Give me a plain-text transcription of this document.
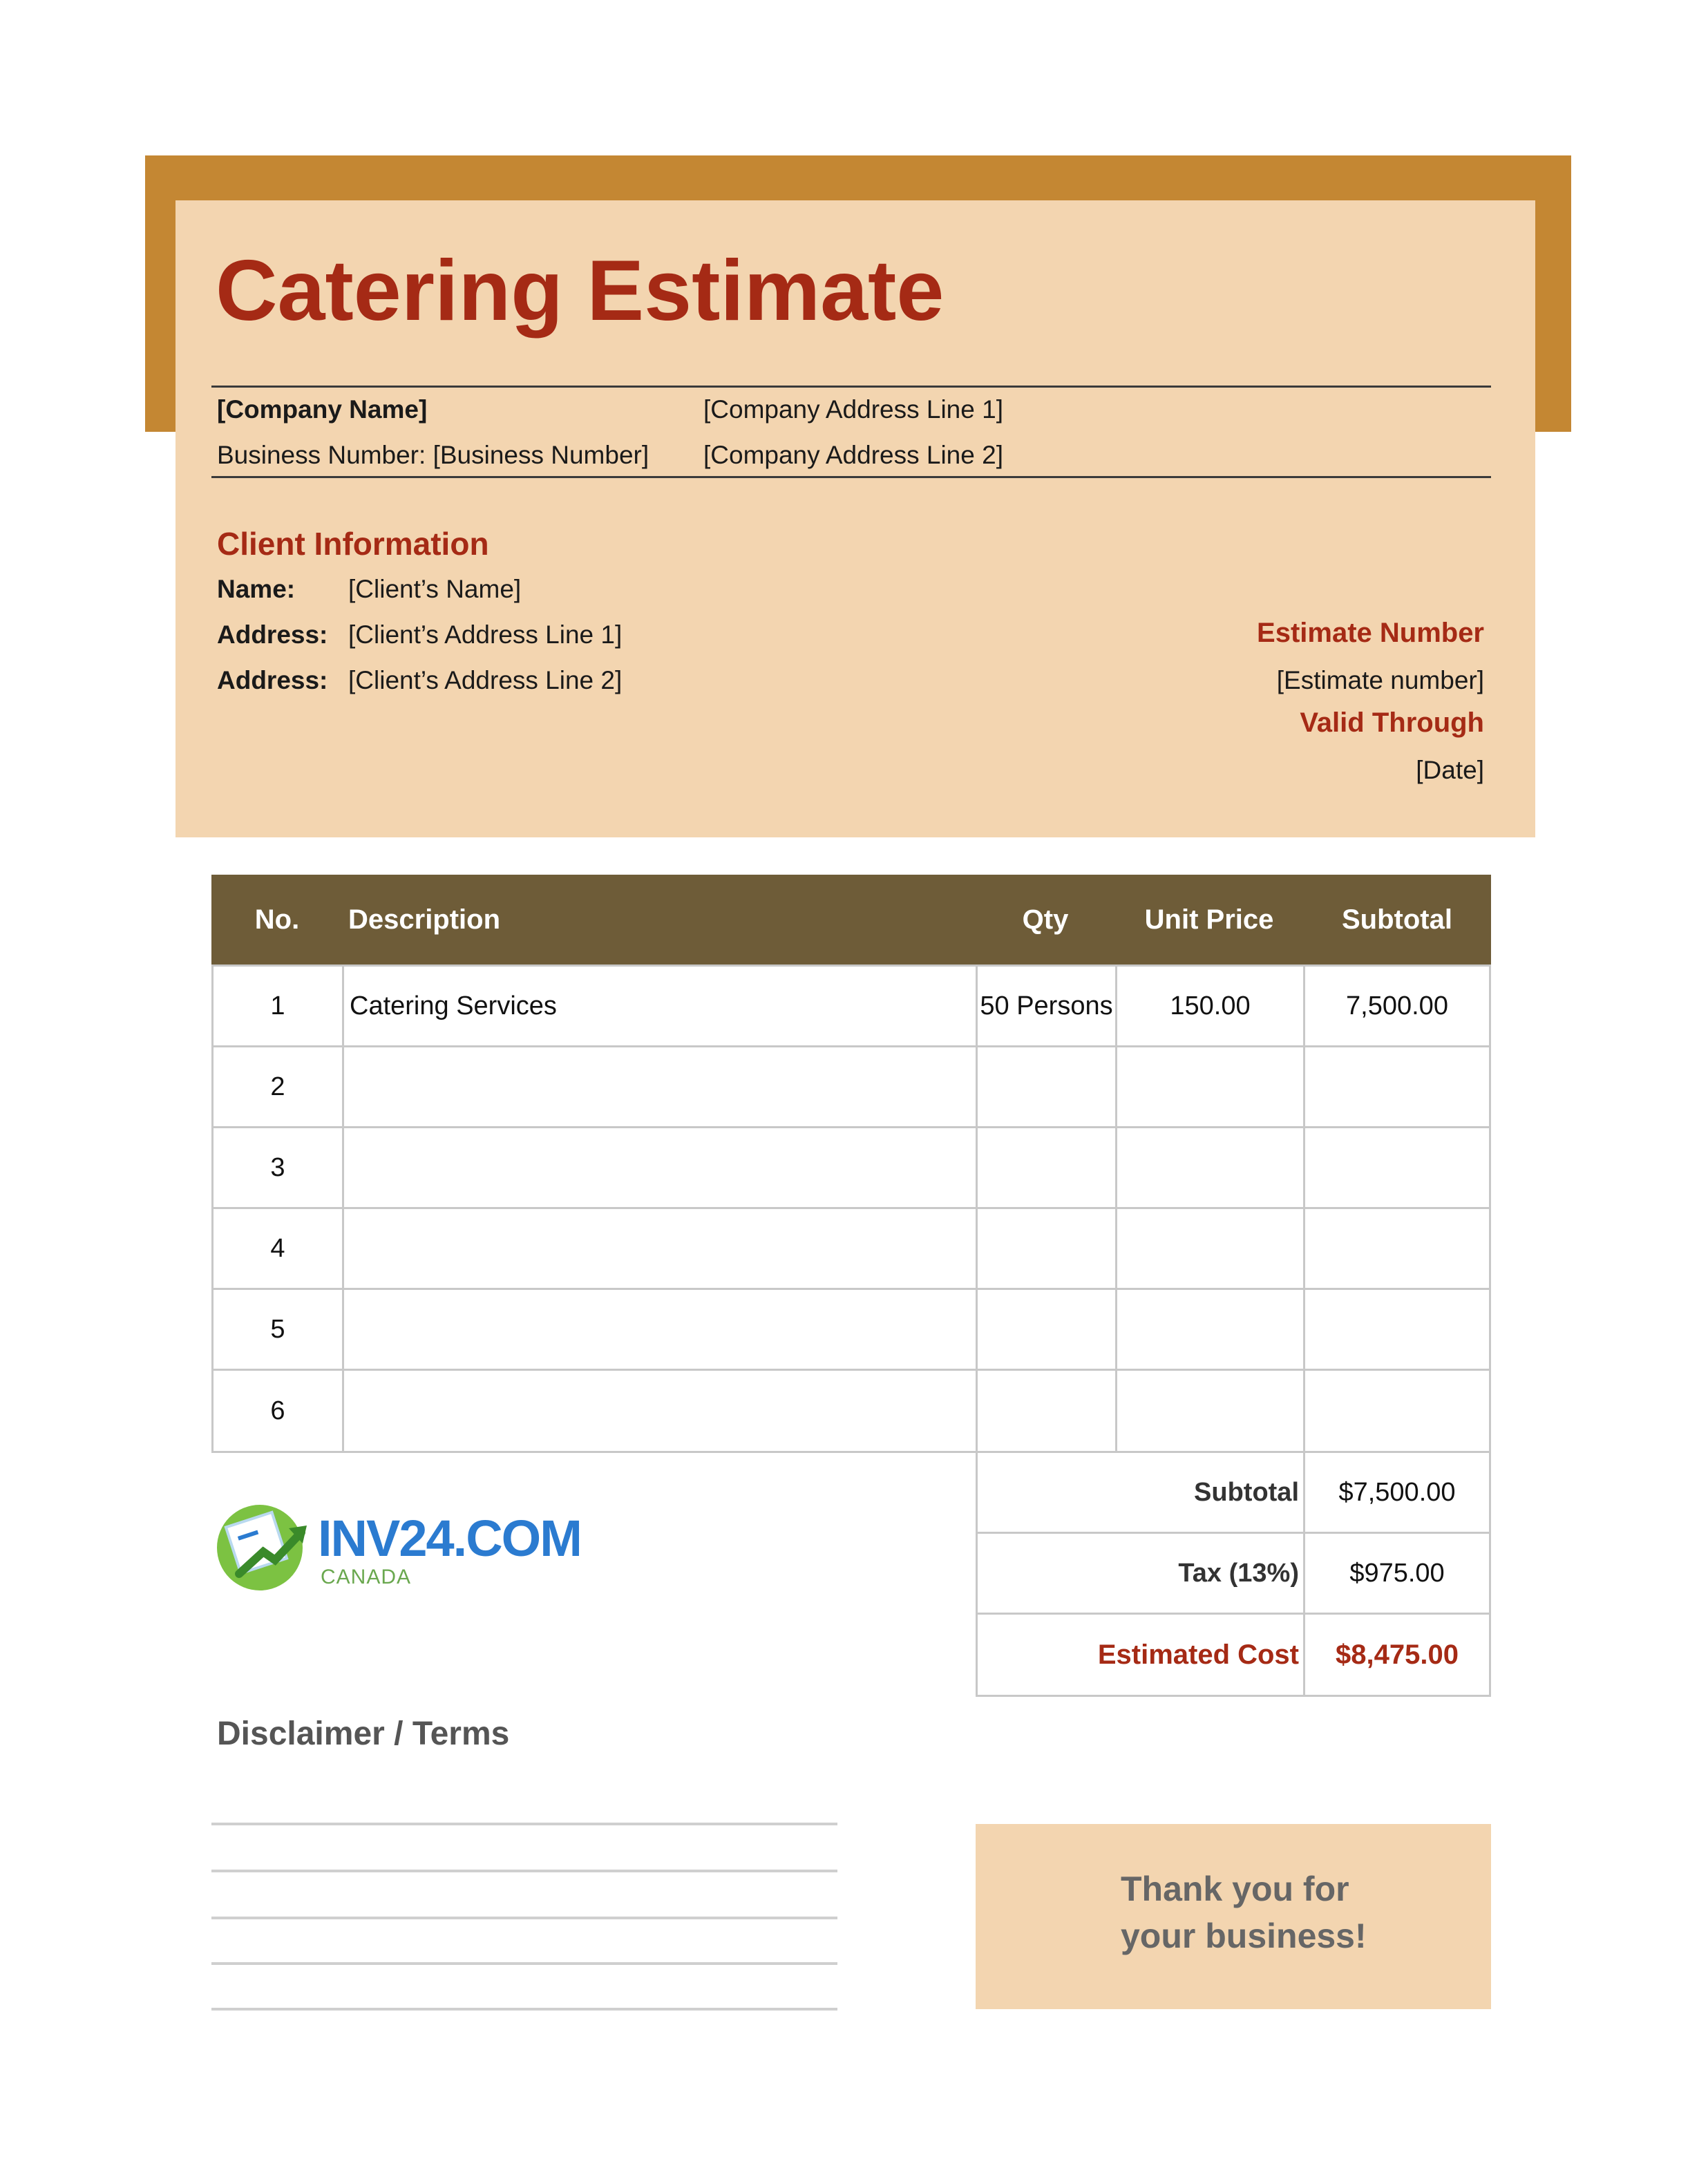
Catering Estimate
[Company Name]	[Company Address Line 1]
Business Number: [Business Number] [Company Address Line 2]
Client Information
Name: [Client’s Name]
Address: [Client’s Address Line 1]
Address: [Client’s Address Line 2]
Estimate Number
[Estimate number]
Valid Through
[Date]
No.	Description	Qty	Unit Price	Subtotal
1	Catering Services	50 Persons	150.00	7,500.00
2
3
4
5
6
Subtotal	$7,500.00
Tax (13%)	$975.00
Estimated Cost	$8,475.00
INV24.COM
CANADA
Disclaimer / Terms
Thank you for
your business!
